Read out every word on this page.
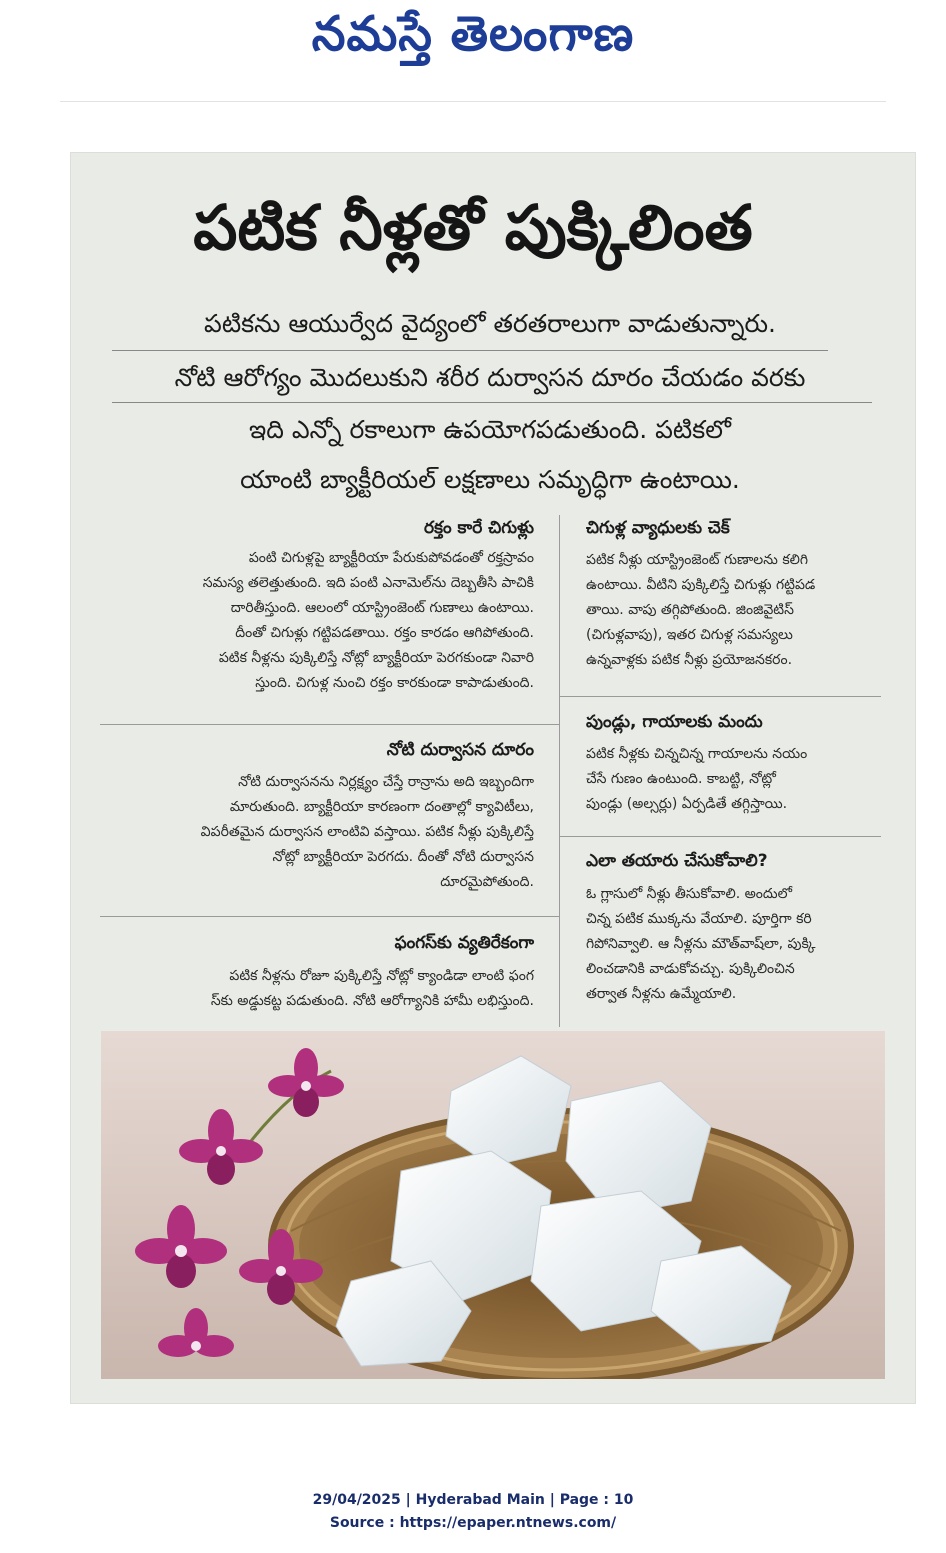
నమస్తే తెలంగాణ
పటిక నీళ్లతో పుక్కిలింత
పటికను ఆయుర్వేద వైద్యంలో తరతరాలుగా వాడుతున్నారు.
నోటి ఆరోగ్యం మొదలుకుని శరీర దుర్వాసన దూరం చేయడం వరకు
ఇది ఎన్నో రకాలుగా ఉపయోగపడుతుంది. పటికలో
యాంటి బ్యాక్టీరియల్ లక్షణాలు సమృద్ధిగా ఉంటాయి.
రక్తం కారే చిగుళ్లు
పంటి చిగుళ్లపై బ్యాక్టీరియా పేరుకుపోవడంతో రక్తస్రావం
సమస్య తలెత్తుతుంది. ఇది పంటి ఎనామెల్‌ను దెబ్బతీసి పాచికి
దారితీస్తుంది. ఆలంలో యాస్ట్రింజెంట్ గుణాలు ఉంటాయి.
దీంతో చిగుళ్లు గట్టిపడతాయి. రక్తం కారడం ఆగిపోతుంది.
పటిక నీళ్లను పుక్కిలిస్తే నోట్లో బ్యాక్టీరియా పెరగకుండా నివారి
స్తుంది. చిగుళ్ల నుంచి రక్తం కారకుండా కాపాడుతుంది.
నోటి దుర్వాసన దూరం
నోటి దుర్వాసనను నిర్లక్ష్యం చేస్తే రాన్రాను అది ఇబ్బందిగా
మారుతుంది. బ్యాక్టీరియా కారణంగా దంతాల్లో క్యావిటీలు,
విపరీతమైన దుర్వాసన లాంటివి వస్తాయి. పటిక నీళ్లు పుక్కిలిస్తే
నోట్లో బ్యాక్టీరియా పెరగదు. దీంతో నోటి దుర్వాసన
దూరమైపోతుంది.
ఫంగస్‌కు వ్యతిరేకంగా
పటిక నీళ్లను రోజూ పుక్కిలిస్తే నోట్లో క్యాండిడా లాంటి ఫంగ
స్‌కు అడ్డుకట్ట పడుతుంది. నోటి ఆరోగ్యానికి హామీ లభిస్తుంది.
చిగుళ్ల వ్యాధులకు చెక్
పటిక నీళ్లు యాస్ట్రింజెంట్ గుణాలను కలిగి
ఉంటాయి. వీటిని పుక్కిలిస్తే చిగుళ్లు గట్టిపడ
తాయి. వాపు తగ్గిపోతుంది. జింజివైటిస్
(చిగుళ్లవాపు), ఇతర చిగుళ్ల సమస్యలు
ఉన్నవాళ్లకు పటిక నీళ్లు ప్రయోజనకరం.
పుండ్లు, గాయాలకు మందు
పటిక నీళ్లకు చిన్నచిన్న గాయాలను నయం
చేసే గుణం ఉంటుంది. కాబట్టి, నోట్లో
పుండ్లు (అల్సర్లు) ఏర్పడితే తగ్గిస్తాయి.
ఎలా తయారు చేసుకోవాలి?
ఓ గ్లాసులో నీళ్లు తీసుకోవాలి. అందులో
చిన్న పటిక ముక్కను వేయాలి. పూర్తిగా కరి
గిపోనివ్వాలి. ఆ నీళ్లను మౌత్‌వాష్‌లా, పుక్కి
లించడానికి వాడుకోవచ్చు. పుక్కిలించిన
తర్వాత నీళ్లను ఉమ్మేయాలి.
29/04/2025 | Hyderabad Main | Page : 10
Source : https://epaper.ntnews.com/
